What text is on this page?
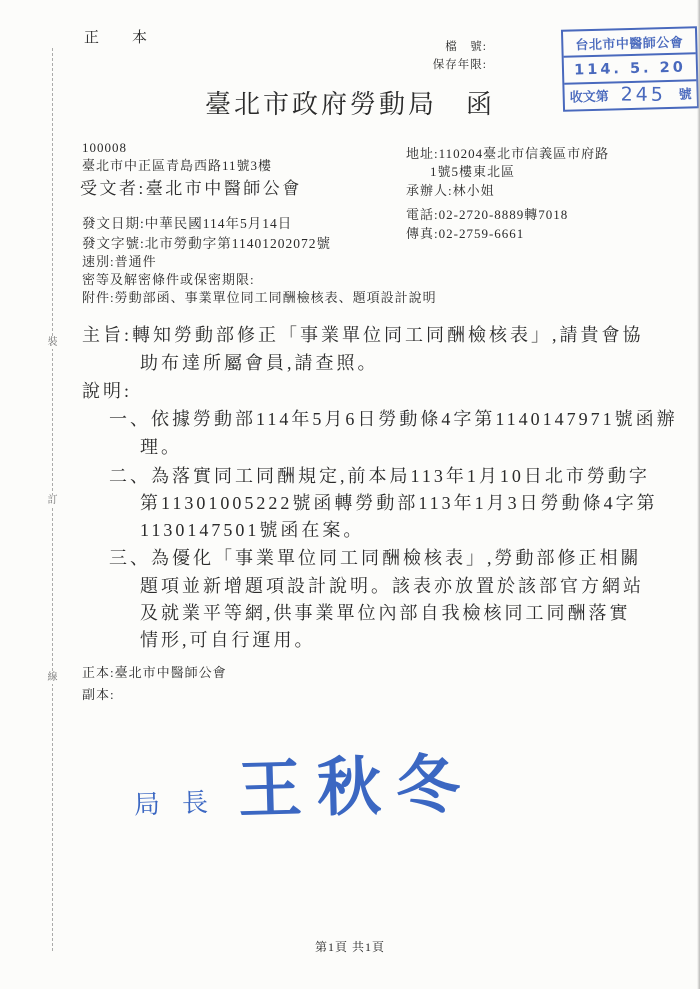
裝
訂
線
正　本
檔　號:
保存年限:
台北市中醫師公會
114. 5. 20
收文第 245 號
臺北市政府勞動局　函
100008
臺北市中正區青島西路11號3樓
受文者:臺北市中醫師公會
發文日期:中華民國114年5月14日
發文字號:北市勞動字第11401202072號
速別:普通件
密等及解密條件或保密期限:
附件:勞動部函、事業單位同工同酬檢核表、題項設計說明
地址:110204臺北市信義區市府路
1號5樓東北區
承辦人:林小姐
電話:02-2720-8889轉7018
傳真:02-2759-6661
主旨:轉知勞動部修正「事業單位同工同酬檢核表」,請貴會協
助布達所屬會員,請查照。
說明:
一、依據勞動部114年5月6日勞動條4字第1140147971號函辦
理。
二、為落實同工同酬規定,前本局113年1月10日北市勞動字
第11301005222號函轉勞動部113年1月3日勞動條4字第
1130147501號函在案。
三、為優化「事業單位同工同酬檢核表」,勞動部修正相關
題項並新增題項設計說明。該表亦放置於該部官方網站
及就業平等網,供事業單位內部自我檢核同工同酬落實
情形,可自行運用。
正本:臺北市中醫師公會
副本:
局長 王秋冬
第1頁 共1頁
